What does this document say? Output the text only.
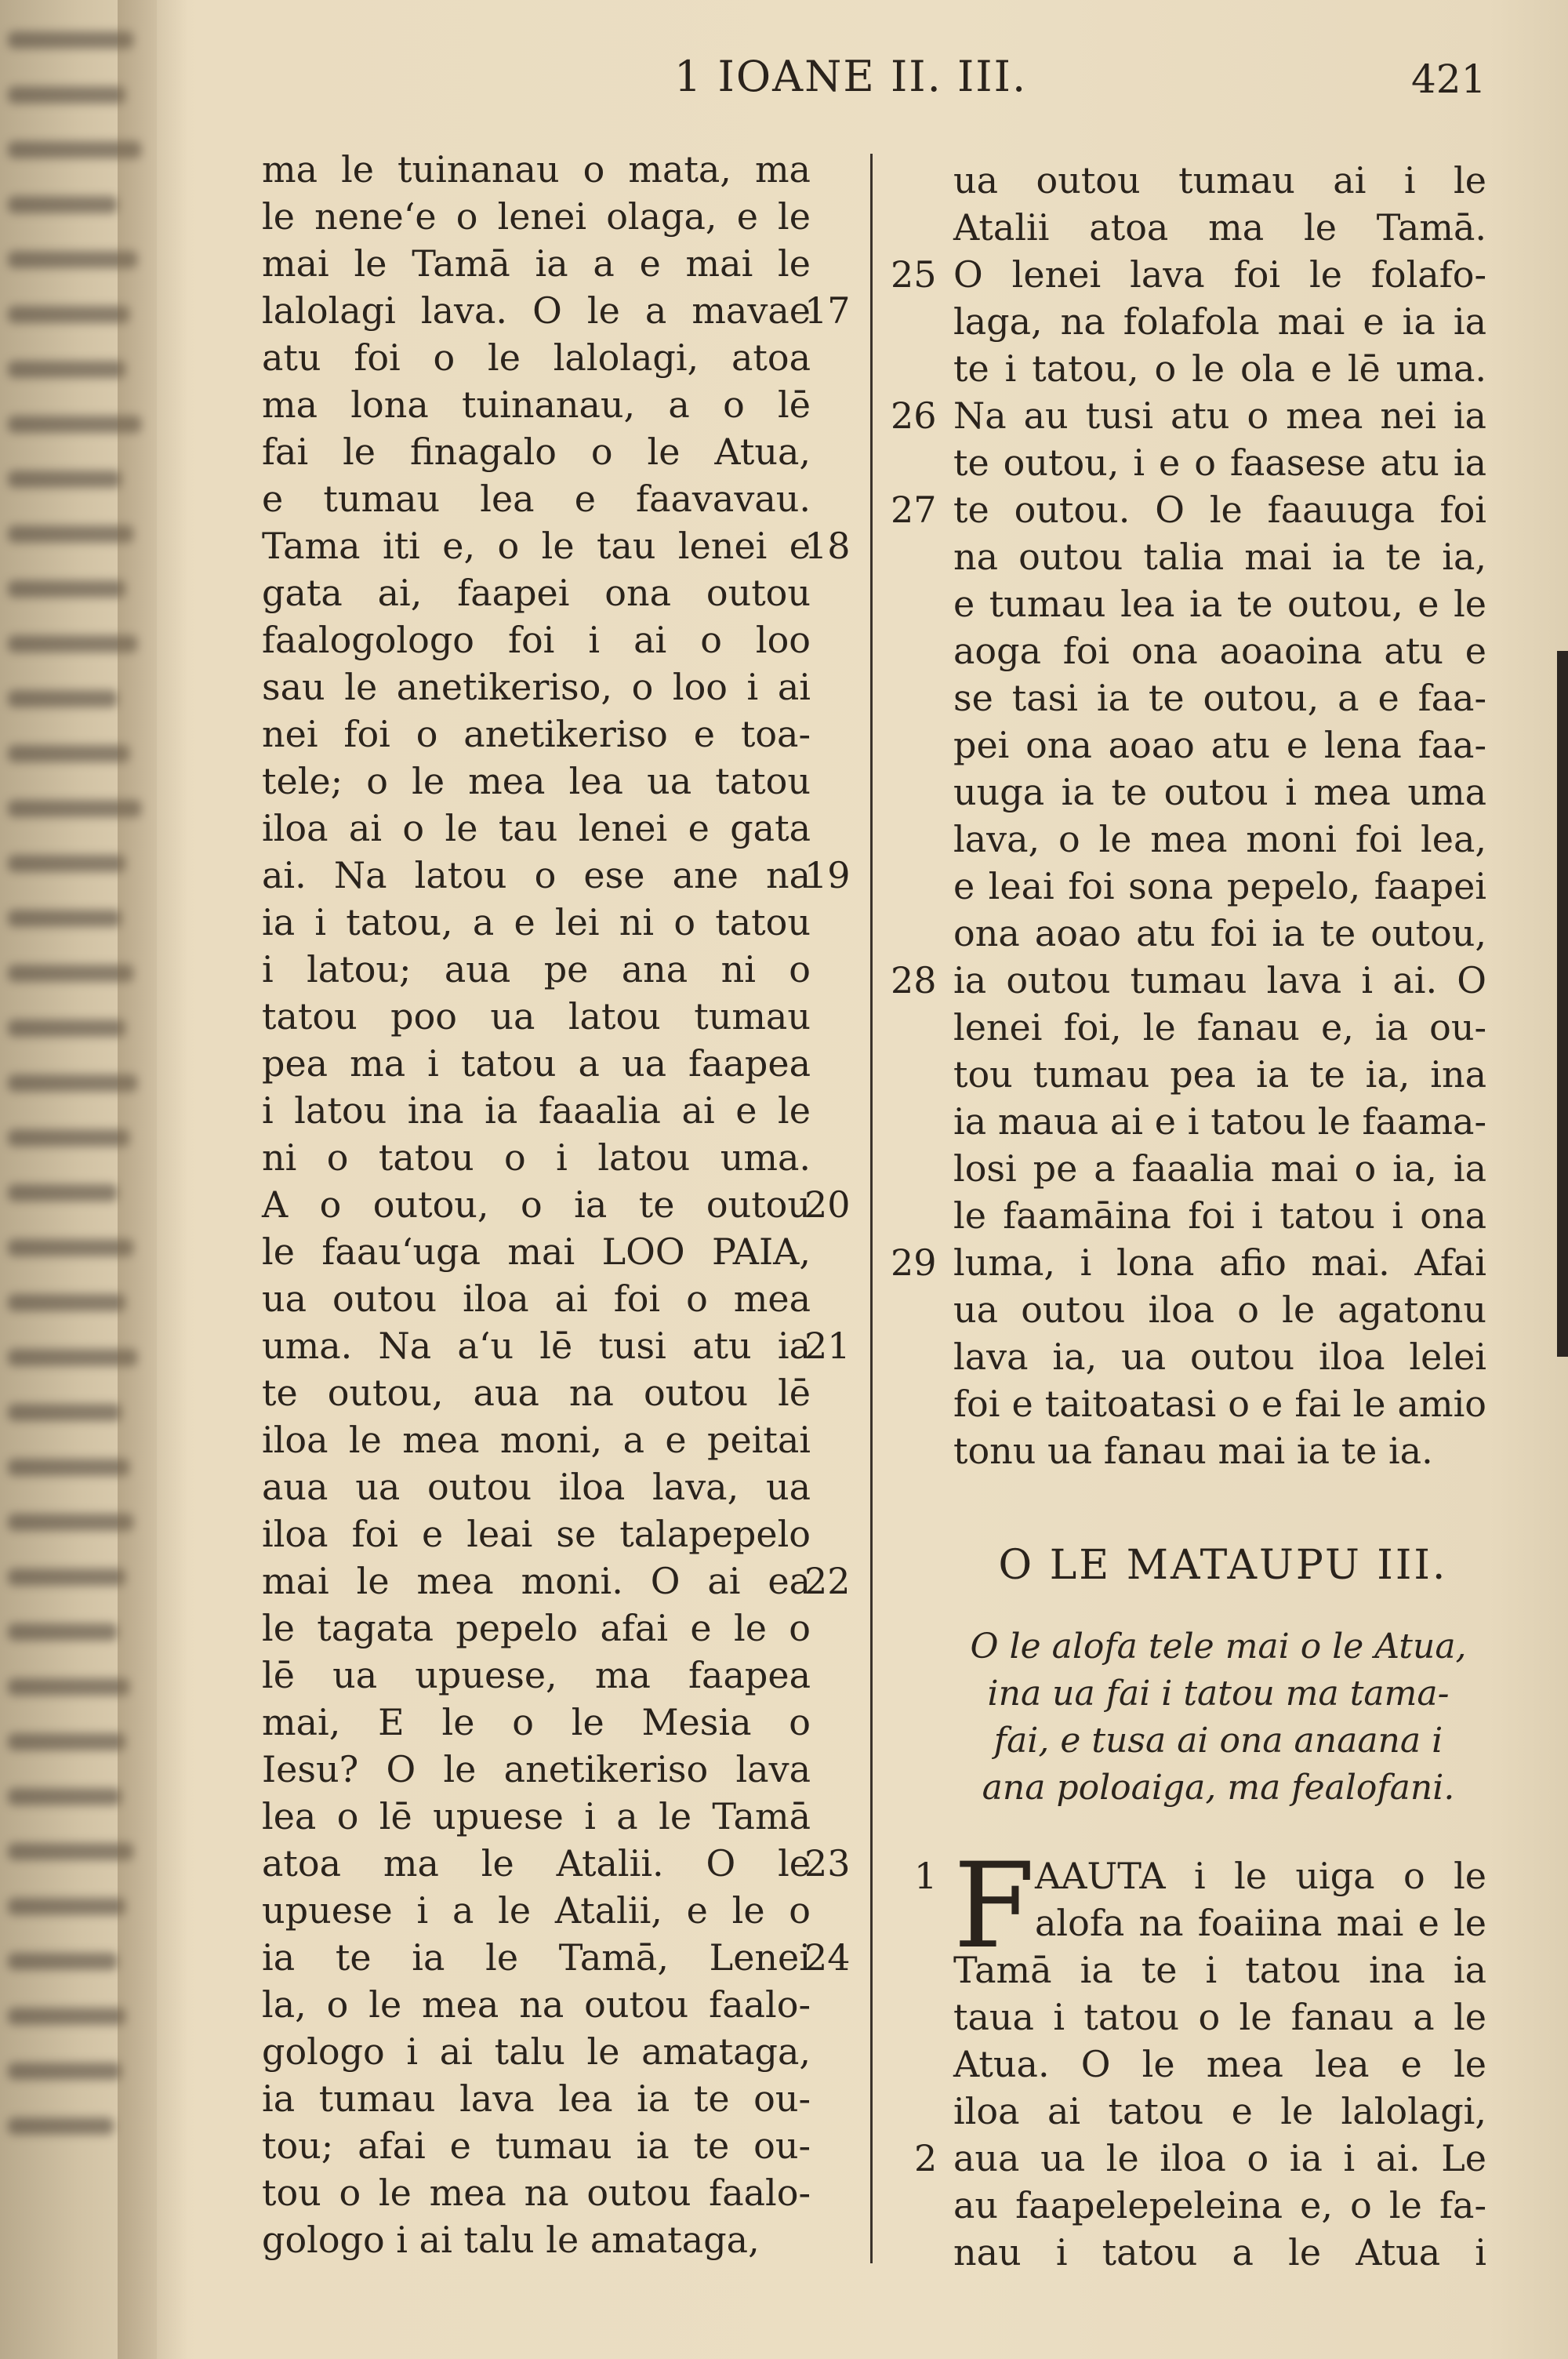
1 IOANE II. III.	421
ma le tuinanau o mata, ma
le nene‘e o lenei olaga, e le
mai le Tamā ia a e mai le
lalolagi lava. O le a mavae
atu foi o le lalolagi, atoa
ma lona tuinanau, a o lē
fai le finagalo o le Atua,
e tumau lea e faavavau.
Tama iti e, o le tau lenei e
gata ai, faapei ona outou
faalogologo foi i ai o loo
sau le anetikeriso, o loo i ai
nei foi o anetikeriso e toa-
tele; o le mea lea ua tatou
iloa ai o le tau lenei e gata
ai. Na latou o ese ane na
ia i tatou, a e lei ni o tatou
i latou; aua pe ana ni o
tatou poo ua latou tumau
pea ma i tatou a ua faapea
i latou ina ia faaalia ai e le
ni o tatou o i latou uma.
A o outou, o ia te outou
le faau‘uga mai LOO PAIA,
ua outou iloa ai foi o mea
uma. Na a‘u lē tusi atu ia
te outou, aua na outou lē
iloa le mea moni, a e peitai
aua ua outou iloa lava, ua
iloa foi e leai se talapepelo
mai le mea moni. O ai ea
le tagata pepelo afai e le o
lē ua upuese, ma faapea
mai, E le o le Mesia o
Iesu? O le anetikeriso lava
lea o lē upuese i a le Tamā
atoa ma le Atalii. O le
upuese i a le Atalii, e le o
ia te ia le Tamā, Lenei
la, o le mea na outou faalo-
gologo i ai talu le amataga,
ia tumau lava lea ia te ou-
tou; afai e tumau ia te ou-
tou o le mea na outou faalo-
gologo i ai talu le amataga,
17
18
19
20
21
22
23
24
ua outou tumau ai i le
Atalii atoa ma le Tamā.
O lenei lava foi le folafo-
laga, na folafola mai e ia ia
te i tatou, o le ola e lē uma.
Na au tusi atu o mea nei ia
te outou, i e o faasese atu ia
te outou. O le faauuga foi
na outou talia mai ia te ia,
e tumau lea ia te outou, e le
aoga foi ona aoaoina atu e
se tasi ia te outou, a e faa-
pei ona aoao atu e lena faa-
uuga ia te outou i mea uma
lava, o le mea moni foi lea,
e leai foi sona pepelo, faapei
ona aoao atu foi ia te outou,
ia outou tumau lava i ai. O
lenei foi, le fanau e, ia ou-
tou tumau pea ia te ia, ina
ia maua ai e i tatou le faama-
losi pe a faaalia mai o ia, ia
le faamāina foi i tatou i ona
luma, i lona afio mai. Afai
ua outou iloa o le agatonu
lava ia, ua outou iloa lelei
foi e taitoatasi o e fai le amio
tonu ua fanau mai ia te ia.
25
26
27
28
29
O LE MATAUPU III.
O le alofa tele mai o le Atua,
ina ua fai i tatou ma tama-
fai, e tusa ai ona anaana i
ana poloaiga, ma fealofani.
F AAUTA i le uiga o le
alofa na foaiina mai e le
Tamā ia te i tatou ina ia
taua i tatou o le fanau a le
Atua. O le mea lea e le
iloa ai tatou e le lalolagi,
aua ua le iloa o ia i ai. Le
au faapelepeleina e, o le fa-
nau i tatou a le Atua i
1
2
